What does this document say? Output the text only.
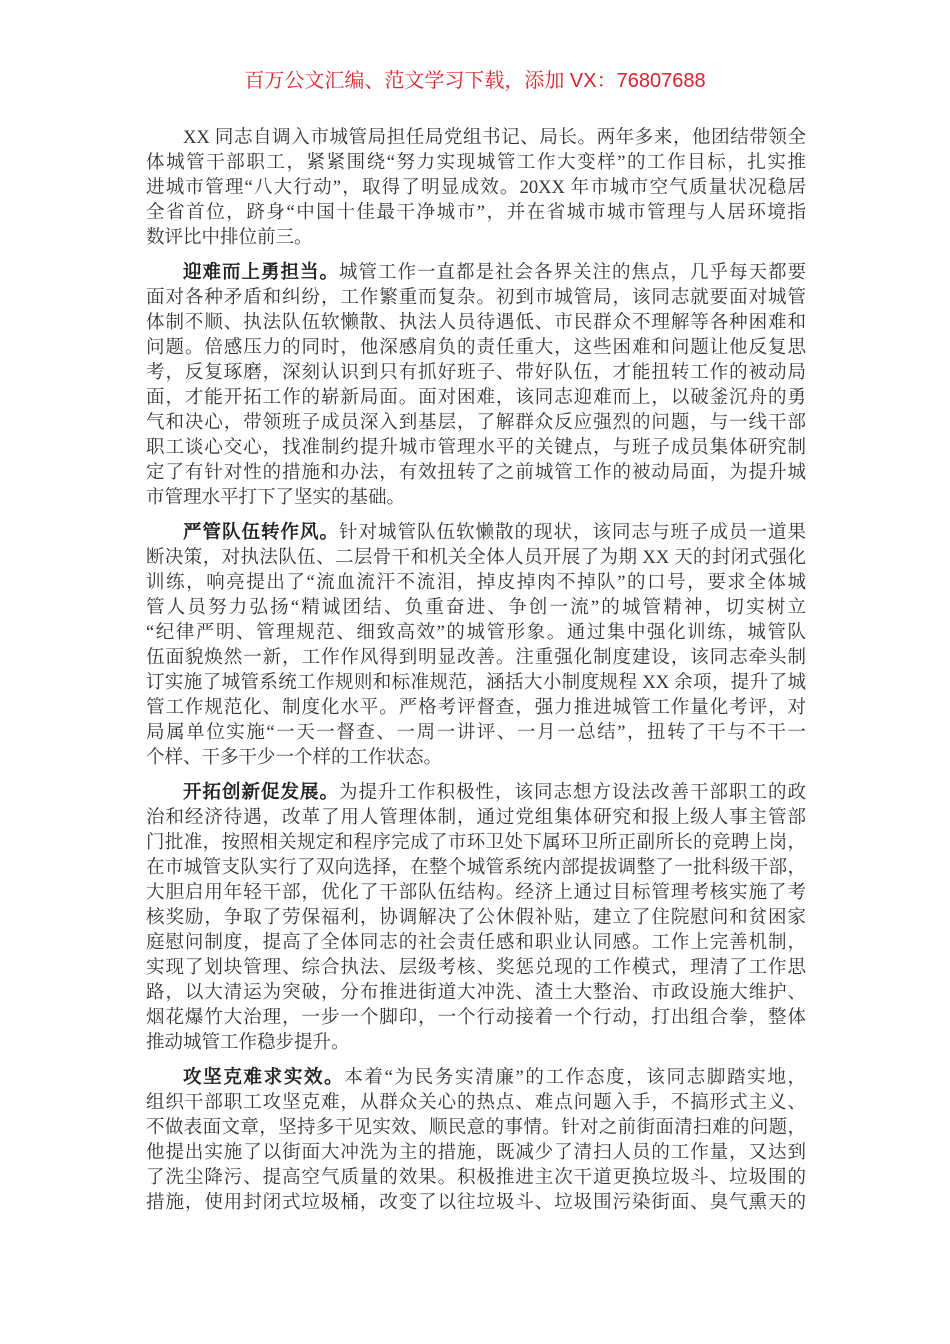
百万公文汇编、范文学习下载，添加 VX：76807688
XX 同志自调入市城管局担任局党组书记、局长。两年多来，他团结带领全
体城管干部职工，紧紧围绕“努力实现城管工作大变样”的工作目标，扎实推
进城市管理“八大行动”，取得了明显成效。20XX 年市城市空气质量状况稳居
全省首位，跻身“中国十佳最干净城市”，并在省城市城市管理与人居环境指
数评比中排位前三。
迎难而上勇担当。城管工作一直都是社会各界关注的焦点，几乎每天都要
面对各种矛盾和纠纷，工作繁重而复杂。初到市城管局，该同志就要面对城管
体制不顺、执法队伍软懒散、执法人员待遇低、市民群众不理解等各种困难和
问题。倍感压力的同时，他深感肩负的责任重大，这些困难和问题让他反复思
考，反复琢磨，深刻认识到只有抓好班子、带好队伍，才能扭转工作的被动局
面，才能开拓工作的崭新局面。面对困难，该同志迎难而上，以破釜沉舟的勇
气和决心，带领班子成员深入到基层，了解群众反应强烈的问题，与一线干部
职工谈心交心，找准制约提升城市管理水平的关键点，与班子成员集体研究制
定了有针对性的措施和办法，有效扭转了之前城管工作的被动局面，为提升城
市管理水平打下了坚实的基础。
严管队伍转作风。针对城管队伍软懒散的现状，该同志与班子成员一道果
断决策，对执法队伍、二层骨干和机关全体人员开展了为期 XX 天的封闭式强化
训练，响亮提出了“流血流汗不流泪，掉皮掉肉不掉队”的口号，要求全体城
管人员努力弘扬“精诚团结、负重奋进、争创一流”的城管精神，切实树立
“纪律严明、管理规范、细致高效”的城管形象。通过集中强化训练，城管队
伍面貌焕然一新，工作作风得到明显改善。注重强化制度建设，该同志牵头制
订实施了城管系统工作规则和标准规范，涵括大小制度规程 XX 余项，提升了城
管工作规范化、制度化水平。严格考评督查，强力推进城管工作量化考评，对
局属单位实施“一天一督查、一周一讲评、一月一总结”，扭转了干与不干一
个样、干多干少一个样的工作状态。
开拓创新促发展。为提升工作积极性，该同志想方设法改善干部职工的政
治和经济待遇，改革了用人管理体制，通过党组集体研究和报上级人事主管部
门批准，按照相关规定和程序完成了市环卫处下属环卫所正副所长的竞聘上岗，
在市城管支队实行了双向选择，在整个城管系统内部提拔调整了一批科级干部，
大胆启用年轻干部，优化了干部队伍结构。经济上通过目标管理考核实施了考
核奖励，争取了劳保福利，协调解决了公休假补贴，建立了住院慰问和贫困家
庭慰问制度，提高了全体同志的社会责任感和职业认同感。工作上完善机制，
实现了划块管理、综合执法、层级考核、奖惩兑现的工作模式，理清了工作思
路，以大清运为突破，分布推进街道大冲洗、渣土大整治、市政设施大维护、
烟花爆竹大治理，一步一个脚印，一个行动接着一个行动，打出组合拳，整体
推动城管工作稳步提升。
攻坚克难求实效。本着“为民务实清廉”的工作态度，该同志脚踏实地，
组织干部职工攻坚克难，从群众关心的热点、难点问题入手，不搞形式主义、
不做表面文章，坚持多干见实效、顺民意的事情。针对之前街面清扫难的问题，
他提出实施了以街面大冲洗为主的措施，既减少了清扫人员的工作量，又达到
了洗尘降污、提高空气质量的效果。积极推进主次干道更换垃圾斗、垃圾围的
措施，使用封闭式垃圾桶，改变了以往垃圾斗、垃圾围污染街面、臭气熏天的
